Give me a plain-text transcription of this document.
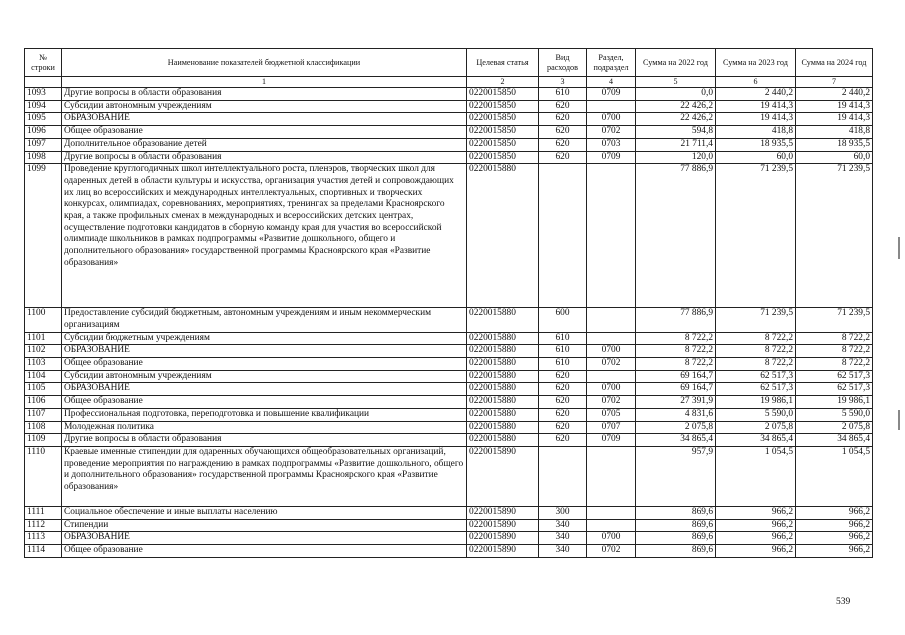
№ строки	Наименование показателей бюджетной классификации	Целевая статья	Вид расходов	Раздел, подраздел	Сумма на 2022 год	Сумма на 2023 год	Сумма на 2024 год
	1	2	3	4	5	6	7
1093	Другие вопросы в области образования	0220015850	610	0709	0,0	2 440,2	2 440,2
1094	Субсидии автономным учреждениям	0220015850	620		22 426,2	19 414,3	19 414,3
1095	ОБРАЗОВАНИЕ	0220015850	620	0700	22 426,2	19 414,3	19 414,3
1096	Общее образование	0220015850	620	0702	594,8	418,8	418,8
1097	Дополнительное образование детей	0220015850	620	0703	21 711,4	18 935,5	18 935,5
1098	Другие вопросы в области образования	0220015850	620	0709	120,0	60,0	60,0
1099	Проведение круглогодичных школ интеллектуального роста, пленэров, творческих школ для одаренных детей в области культуры и искусства, организация участия детей и сопровождающих их лиц во всероссийских и международных интеллектуальных, спортивных и творческих конкурсах, олимпиадах, соревнованиях, мероприятиях, тренингах за пределами Красноярского края, а также профильных сменах в международных и всероссийских детских центрах, осуществление подготовки кандидатов в сборную команду края для участия во всероссийской олимпиаде школьников в рамках подпрограммы «Развитие дошкольного, общего и дополнительного образования» государственной программы Красноярского края «Развитие образования»	0220015880			77 886,9	71 239,5	71 239,5
1100	Предоставление субсидий бюджетным, автономным учреждениям и иным некоммерческим организациям	0220015880	600		77 886,9	71 239,5	71 239,5
1101	Субсидии бюджетным учреждениям	0220015880	610		8 722,2	8 722,2	8 722,2
1102	ОБРАЗОВАНИЕ	0220015880	610	0700	8 722,2	8 722,2	8 722,2
1103	Общее образование	0220015880	610	0702	8 722,2	8 722,2	8 722,2
1104	Субсидии автономным учреждениям	0220015880	620		69 164,7	62 517,3	62 517,3
1105	ОБРАЗОВАНИЕ	0220015880	620	0700	69 164,7	62 517,3	62 517,3
1106	Общее образование	0220015880	620	0702	27 391,9	19 986,1	19 986,1
1107	Профессиональная подготовка, переподготовка и повышение квалификации	0220015880	620	0705	4 831,6	5 590,0	5 590,0
1108	Молодежная политика	0220015880	620	0707	2 075,8	2 075,8	2 075,8
1109	Другие вопросы в области образования	0220015880	620	0709	34 865,4	34 865,4	34 865,4
1110	Краевые именные стипендии для одаренных обучающихся общеобразовательных организаций, проведение мероприятия по награждению в рамках подпрограммы «Развитие дошкольного, общего и дополнительного образования» государственной программы Красноярского края «Развитие образования»	0220015890			957,9	1 054,5	1 054,5
1111	Социальное обеспечение и иные выплаты населению	0220015890	300		869,6	966,2	966,2
1112	Стипендии	0220015890	340		869,6	966,2	966,2
1113	ОБРАЗОВАНИЕ	0220015890	340	0700	869,6	966,2	966,2
1114	Общее образование	0220015890	340	0702	869,6	966,2	966,2
539
